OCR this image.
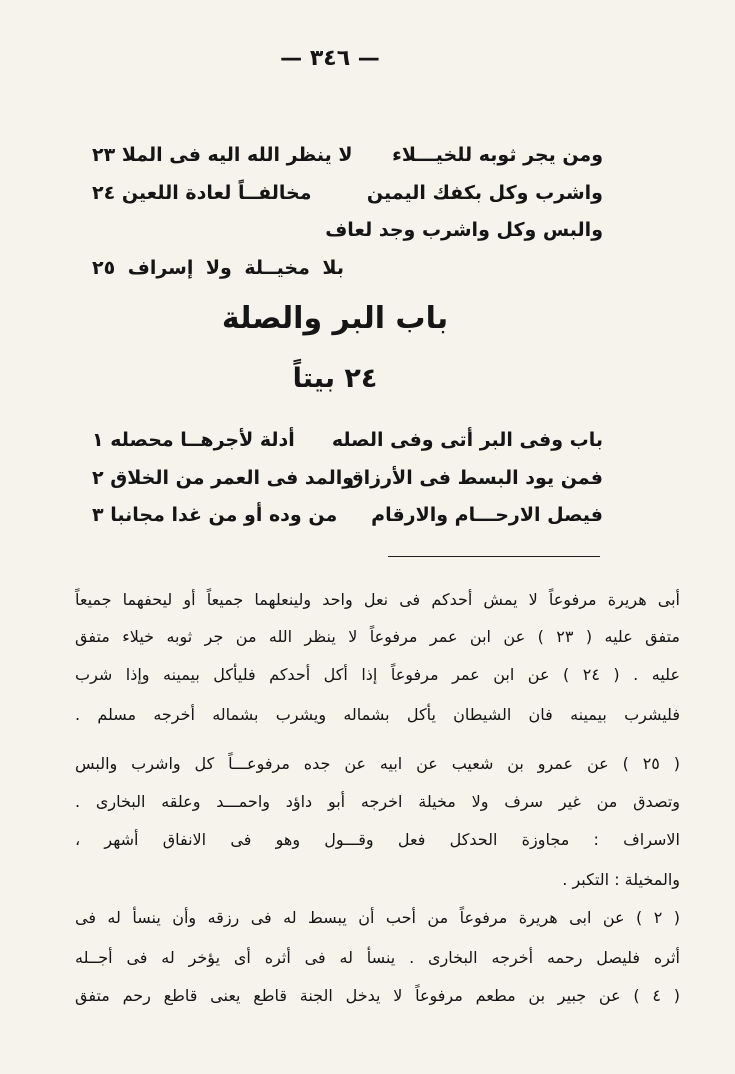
— ٣٤٦ —
ومن يجر ثوبه للخيـــلاء
لا ينظر الله اليه فى الملا ٢٣
واشرب وكل بكفك اليمين
مخالفــاً لعادة اللعين ٢٤
والبس وكل واشرب وجد لعاف
بلا مخيــلة ولا إسراف ٢٥
باب البر والصلة
٢٤ بيتاً
باب وفى البر أتى وفى الصله
أدلة لأجرهــا محصله ١
فمن يود البسط فى الأرزاق
والمد فى العمر من الخلاق ٢
فيصل الارحـــام والارقام
من وده أو من غدا مجانبا ٣
أبى هريرة مرفوعاً لا يمش أحدكم فى نعل واحد ولينعلهما جميعاً أو ليحفهما جميعاً
متفق عليه ( ٢٣ ) عن ابن عمر مرفوعاً لا ينظر الله من جر ثوبه خيلاء متفق
عليه . ( ٢٤ ) عن ابن عمر مرفوعاً إذا أكل أحدكم فليأكل بيمينه وإذا شرب
فليشرب بيمينه فان الشيطان يأكل بشماله ويشرب بشماله أخرجه مسلم .
( ٢٥ ) عن عمرو بن شعيب عن ابيه عن جده مرفوعـــاً كل واشرب والبس
وتصدق من غير سرف ولا مخيلة اخرجه أبو داؤد واحمـــد وعلقه البخارى .
الاسراف : مجاوزة الحدكل فعل وقـــول وهو فى الانفاق أشهر ،
والمخيلة : التكبر .
( ٢ ) عن ابى هريرة مرفوعاً من أحب أن يبسط له فى رزقه وأن ينسأ له فى
أثره فليصل رحمه أخرجه البخارى . ينسأ له فى أثره أى يؤخر له فى أجــله
( ٤ ) عن جبير بن مطعم مرفوعاً لا يدخل الجنة قاطع يعنى قاطع رحم متفق
